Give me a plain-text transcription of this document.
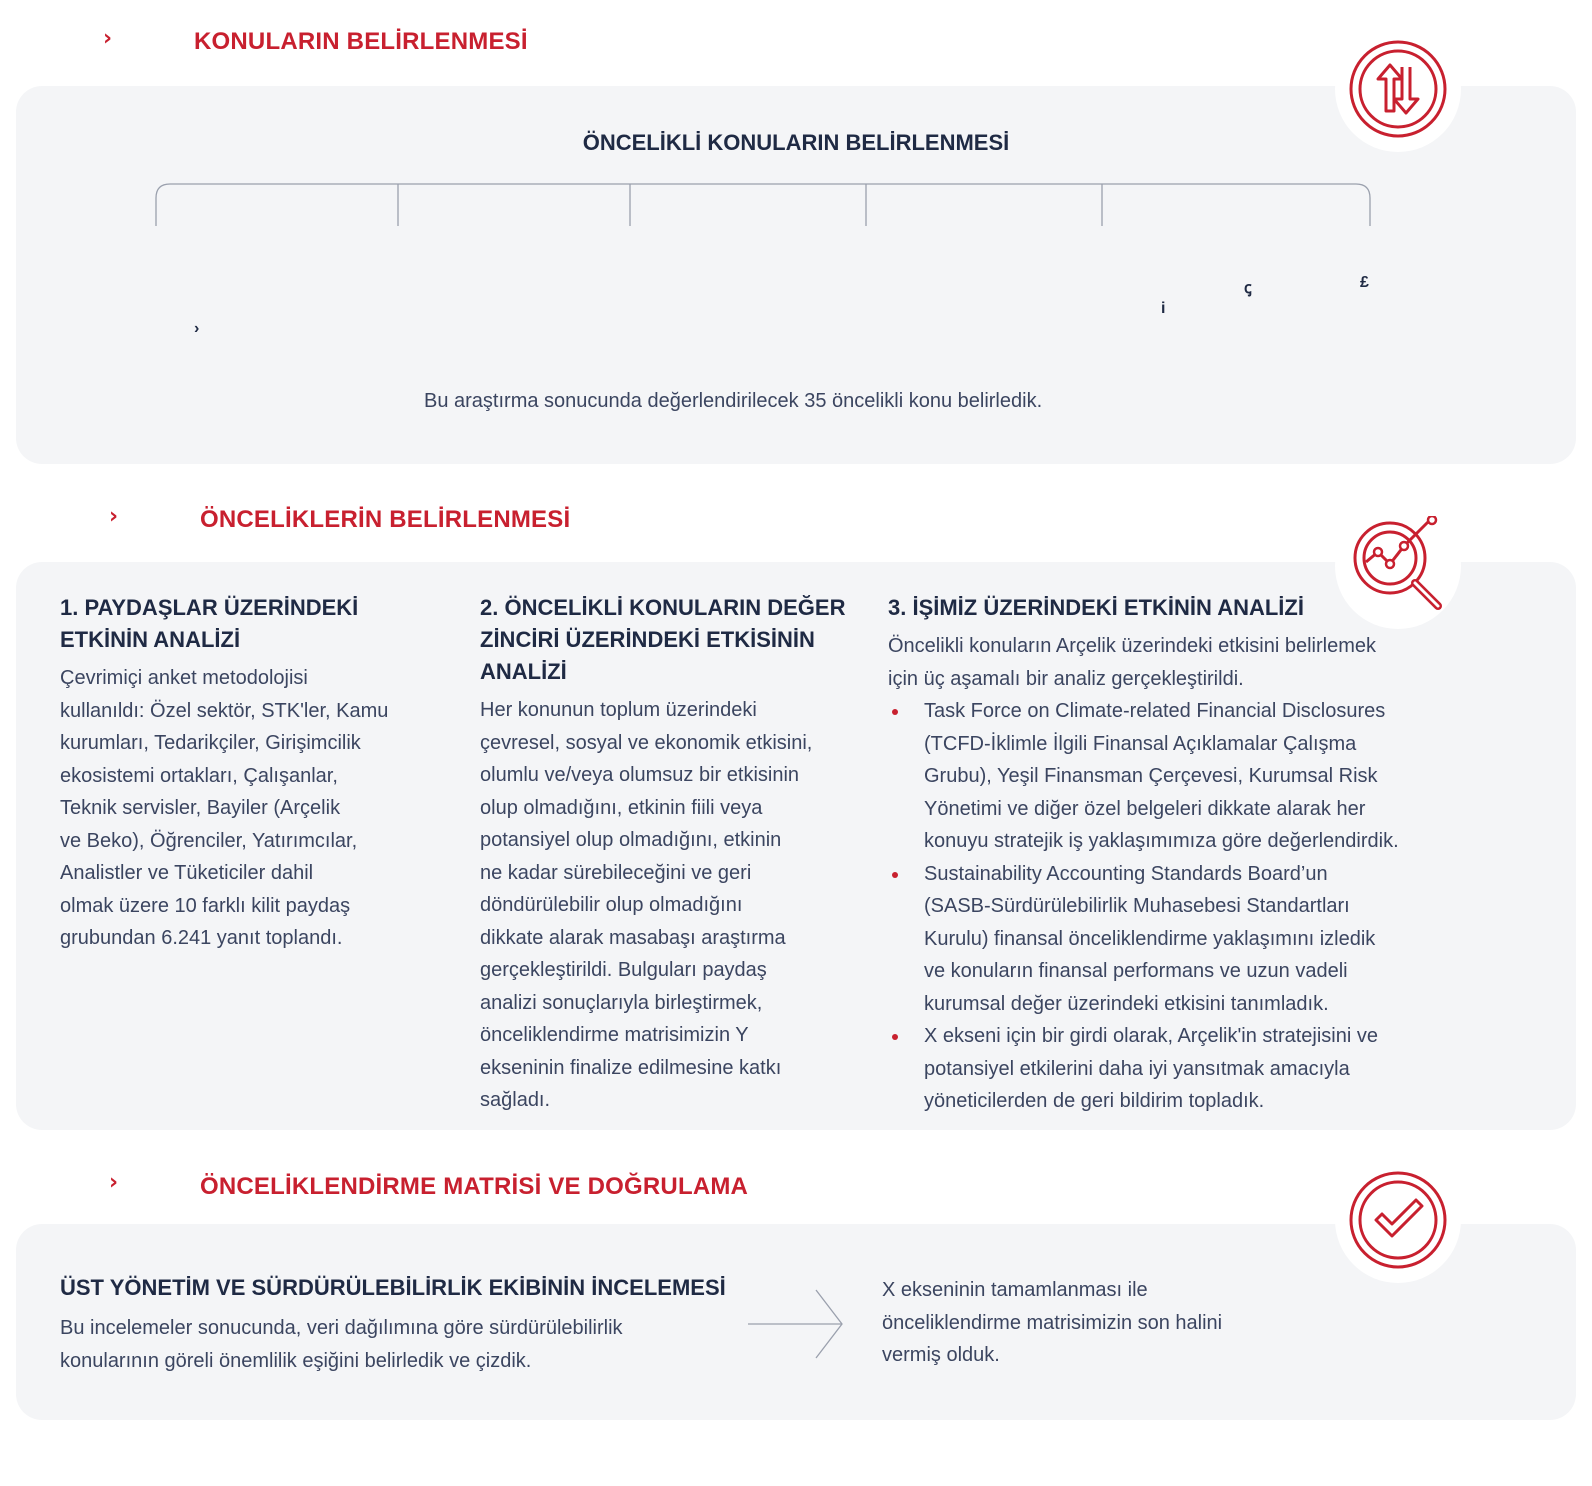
›	KONULARIN BELİRLENMESİ
ÖNCELİKLİ KONULARIN BELİRLENMESİ
›
i
ꞔ	£
Bu araştırma sonucunda değerlendirilecek 35 öncelikli konu belirledik.
›	ÖNCELİKLERİN BELİRLENMESİ
1. PAYDAŞLAR ÜZERİNDEKİ
ETKİNİN ANALİZİ
Çevrimiçi anket metodolojisi
kullanıldı: Özel sektör, STK'ler, Kamu
kurumları, Tedarikçiler, Girişimcilik
ekosistemi ortakları, Çalışanlar,
Teknik servisler, Bayiler (Arçelik
ve Beko), Öğrenciler, Yatırımcılar,
Analistler ve Tüketiciler dahil
olmak üzere 10 farklı kilit paydaş
grubundan 6.241 yanıt toplandı.
2. ÖNCELİKLİ KONULARIN DEĞER
ZİNCİRİ ÜZERİNDEKİ ETKİSİNİN
ANALİZİ
Her konunun toplum üzerindeki
çevresel, sosyal ve ekonomik etkisini,
olumlu ve/veya olumsuz bir etkisinin
olup olmadığını, etkinin fiili veya
potansiyel olup olmadığını, etkinin
ne kadar sürebileceğini ve geri
döndürülebilir olup olmadığını
dikkate alarak masabaşı araştırma
gerçekleştirildi. Bulguları paydaş
analizi sonuçlarıyla birleştirmek,
önceliklendirme matrisimizin Y
ekseninin finalize edilmesine katkı
sağladı.
3. İŞİMİZ ÜZERİNDEKİ ETKİNİN ANALİZİ
Öncelikli konuların Arçelik üzerindeki etkisini belirlemek
için üç aşamalı bir analiz gerçekleştirildi.
Task Force on Climate-related Financial Disclosures
(TCFD-İklimle İlgili Finansal Açıklamalar Çalışma
Grubu), Yeşil Finansman Çerçevesi, Kurumsal Risk
Yönetimi ve diğer özel belgeleri dikkate alarak her
konuyu stratejik iş yaklaşımımıza göre değerlendirdik.
Sustainability Accounting Standards Board’un
(SASB-Sürdürülebilirlik Muhasebesi Standartları
Kurulu) finansal önceliklendirme yaklaşımını izledik
ve konuların finansal performans ve uzun vadeli
kurumsal değer üzerindeki etkisini tanımladık.
X ekseni için bir girdi olarak, Arçelik'in stratejisini ve
potansiyel etkilerini daha iyi yansıtmak amacıyla
yöneticilerden de geri bildirim topladık.
›	ÖNCELİKLENDİRME MATRİSİ VE DOĞRULAMA
ÜST YÖNETİM VE SÜRDÜRÜLEBİLİRLİK EKİBİNİN İNCELEMESİ
Bu incelemeler sonucunda, veri dağılımına göre sürdürülebilirlik
konularının göreli önemlilik eşiğini belirledik ve çizdik.
X ekseninin tamamlanması ile
önceliklendirme matrisimizin son halini
vermiş olduk.
